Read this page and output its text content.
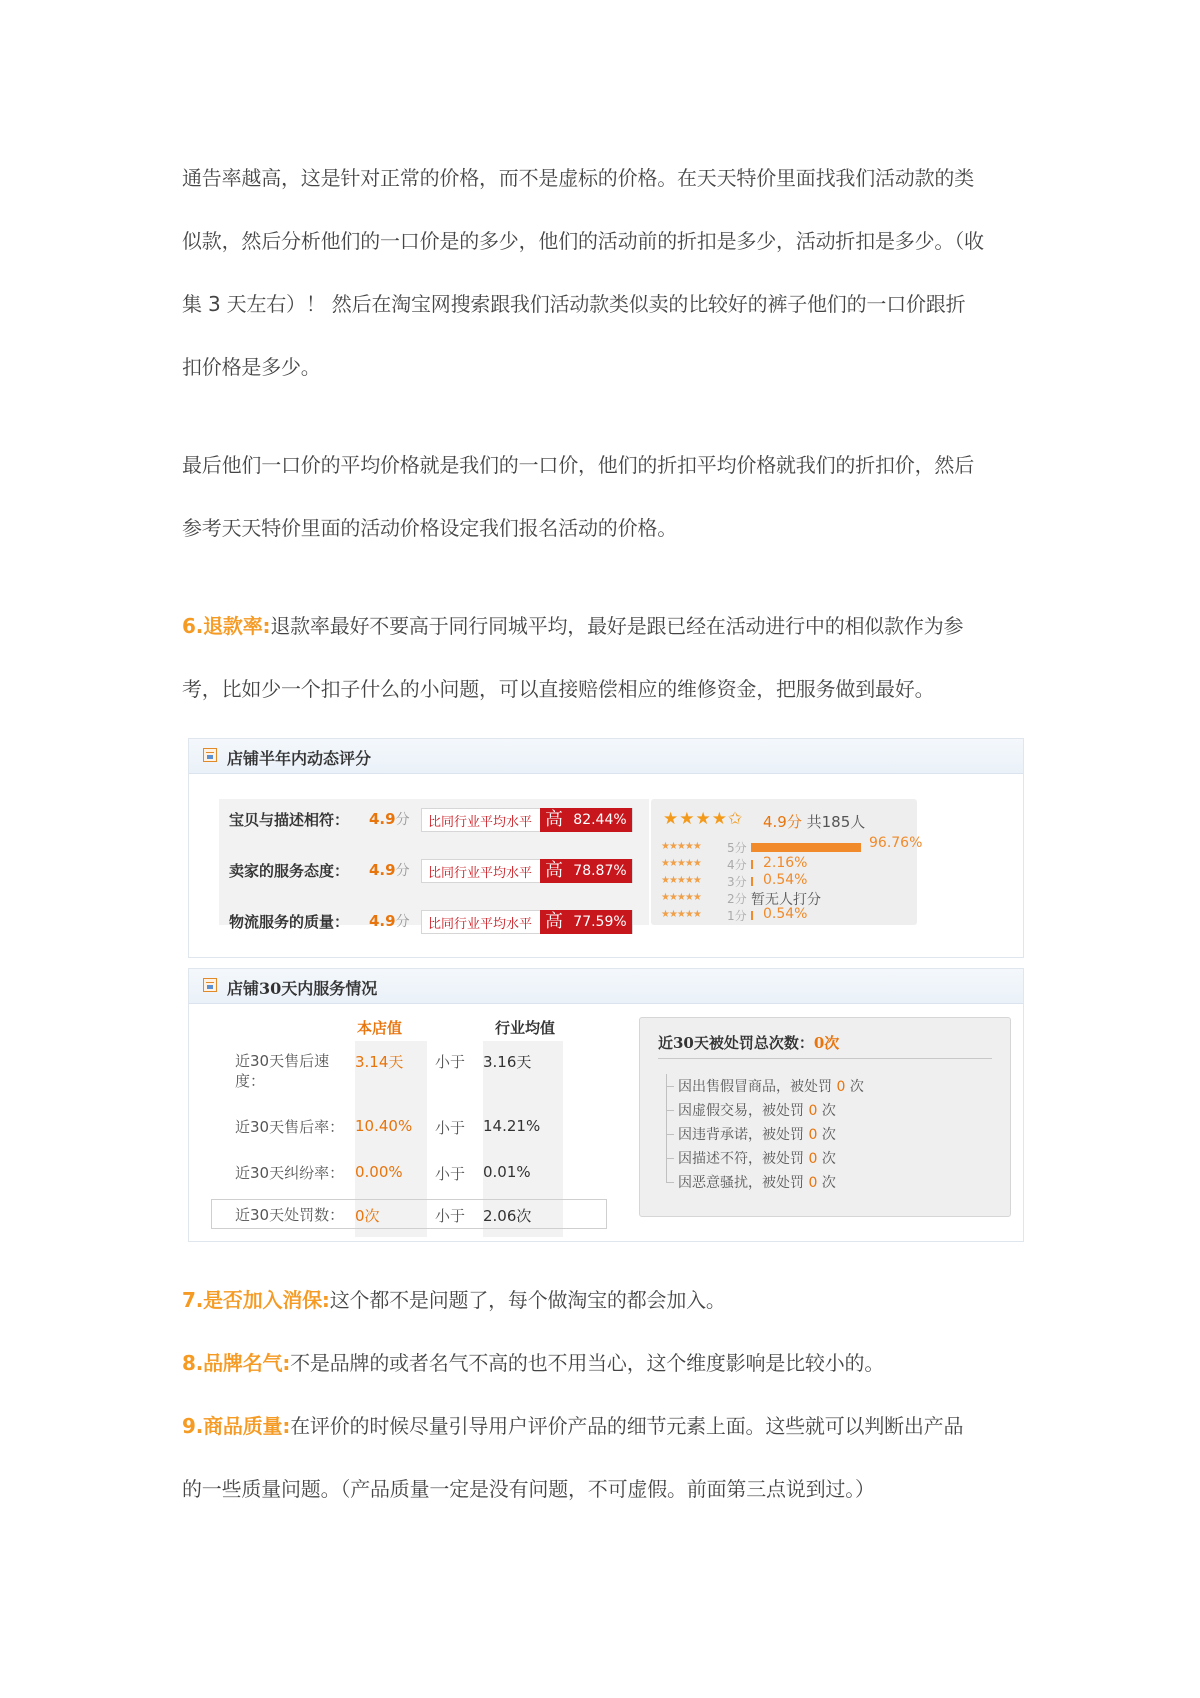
通告率越高，这是针对正常的价格，而不是虚标的价格。在天天特价里面找我们活动款的类
似款，然后分析他们的一口价是的多少，他们的活动前的折扣是多少，活动折扣是多少。（收
集 3 天左右）！ 然后在淘宝网搜索跟我们活动款类似卖的比较好的裤子他们的一口价跟折
扣价格是多少。
最后他们一口价的平均价格就是我们的一口价，他们的折扣平均价格就我们的折扣价，然后
参考天天特价里面的活动价格设定我们报名活动的价格。
6.退款率:退款率最好不要高于同行同城平均，最好是跟已经在活动进行中的相似款作为参
考，比如少一个扣子什么的小问题，可以直接赔偿相应的维修资金，把服务做到最好。
店铺半年内动态评分
宝贝与描述相符： 4.9分 比同行业平均水平 高 82.44%
卖家的服务态度： 4.9分 比同行业平均水平 高 78.87%
物流服务的质量： 4.9分 比同行业平均水平 高 77.59%
★★★★✩ 4.9分 共185人
★★★★★ 5分	96.76%
★★★★★ 4分 2.16%
★★★★★ 3分 0.54%
★★★★★ 2分 暂无人打分
★★★★★ 1分 0.54%
店铺30天内服务情况
本店值	行业均值
近30天售后速度：
3.14天 小于 3.16天
近30天售后率： 10.40% 小于 14.21%
近30天纠纷率： 0.00% 小于 0.01%
近30天处罚数： 0次	小于 2.06次
近30天被处罚总次数：0次
因出售假冒商品，被处罚 0 次
因虚假交易，被处罚 0 次
因违背承诺，被处罚 0 次
因描述不符，被处罚 0 次
因恶意骚扰，被处罚 0 次
7.是否加入消保:这个都不是问题了，每个做淘宝的都会加入。
8.品牌名气:不是品牌的或者名气不高的也不用当心，这个维度影响是比较小的。
9.商品质量:在评价的时候尽量引导用户评价产品的细节元素上面。这些就可以判断出产品
的一些质量问题。（产品质量一定是没有问题，不可虚假。前面第三点说到过。）
